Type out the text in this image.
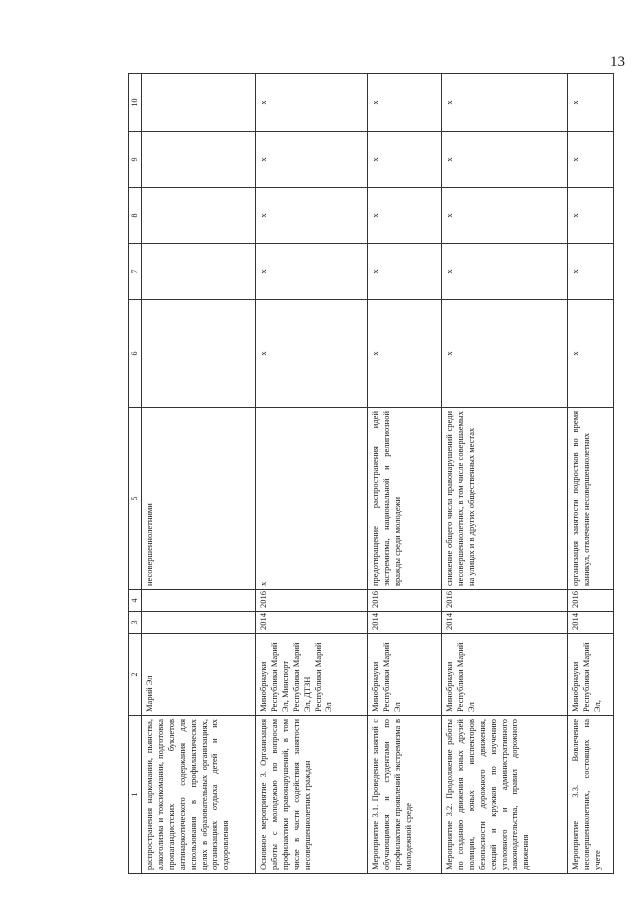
13
1	2	3	4	5	6	7	8	9	10
распространения наркомании, пьянства, алкоголизма и токсикомании, подготовка пропагандистских буклетов антинаркотического содержания для использования в профилактических целях в образовательных организациях, организациях отдыха детей и их оздоровления	Марий Эл			несовершеннолетними					
Основное мероприятие 3. Организация работы с молодежью по вопросам профилактики правонарушений, в том числе в части содействия занятости несовершеннолетних граждан	Минобрнауки Республики Марий Эл, Минспорт Республики Марий Эл, ДТЗН Республики Марий Эл	2014	2016	х	х	х	х	х	х
Мероприятие 3.1. Проведение занятий с обучающимися и студентами по профилактике проявлений экстремизма в молодежной среде	Минобрнауки Республики Марий Эл	2014	2016	предотвращение распространения идей экстремизма, национальной и религиозной вражды среди молодежи	х	х	х	х	х
Мероприятие 3.2. Продолжение работы по созданию движения юных друзей полиции, юных инспекторов безопасности дорожного движения, секций и кружков по изучению уголовного и административного законодательства, правил дорожного движения	Минобрнауки Республики Марий Эл	2014	2016	снижение общего числа правонарушений среди несовершеннолетних, в том числе совершаемых на улицах и в других общественных местах	х	х	х	х	х
Мероприятие 3.3. Вовлечение несовершеннолетних, состоящих на учете	Минобрнауки Республики Марий Эл,	2014	2016	организация занятости подростков во время каникул, отвлечение несовершеннолетних	х	х	х	х	х
